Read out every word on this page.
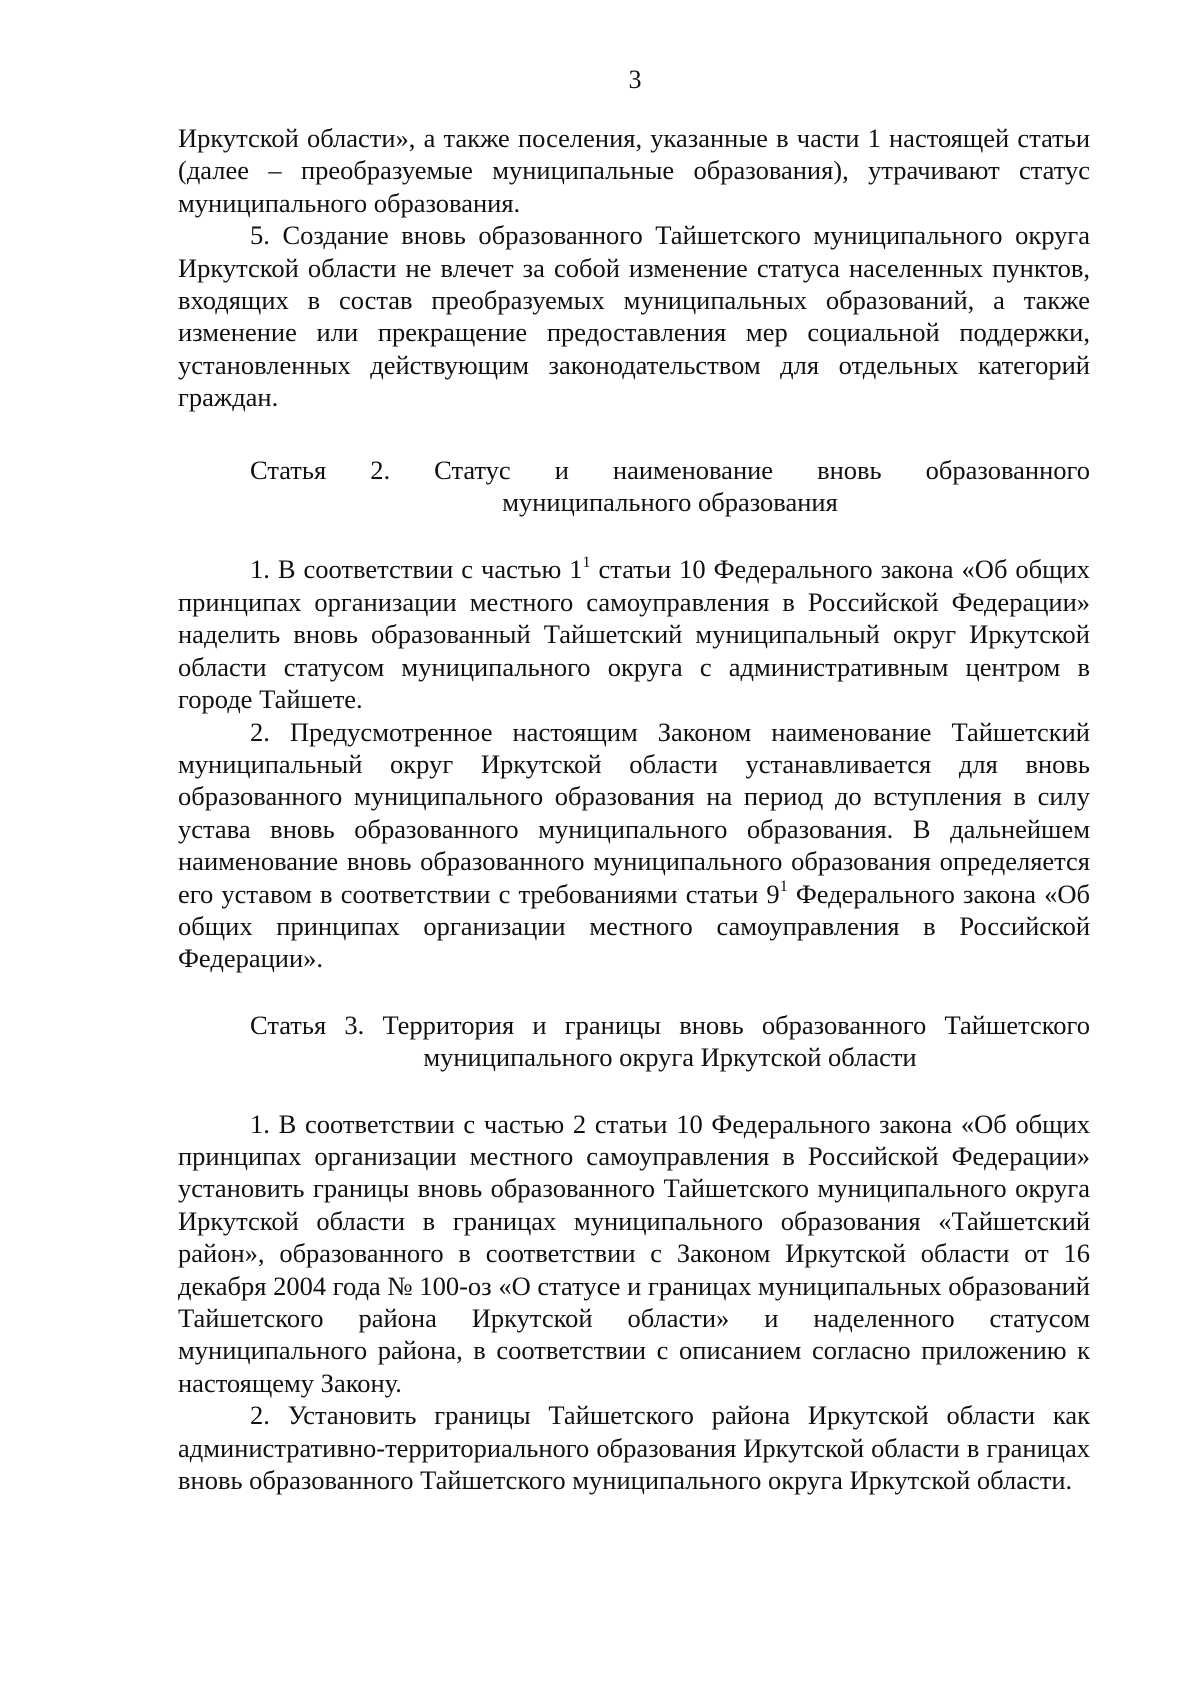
3

Иркутской области», а также поселения, указанные в части 1 настоящей статьи (далее – преобразуемые муниципальные образования), утрачивают статус муниципального образования.

5. Создание вновь образованного Тайшетского муниципального округа Иркутской области не влечет за собой изменение статуса населенных пунктов, входящих в состав преобразуемых муниципальных образований, а также изменение или прекращение предоставления мер социальной поддержки, установленных действующим законодательством для отдельных категорий граждан.

Статья 2. Статус и наименование вновь образованного
муниципального образования

1. В соответствии с частью $1^1$ статьи 10 Федерального закона «Об общих принципах организации местного самоуправления в Российской Федерации» наделить вновь образованный Тайшетский муниципальный округ Иркутской области статусом муниципального округа с административным центром в городе Тайшете.

2. Предусмотренное настоящим Законом наименование Тайшетский муниципальный округ Иркутской области устанавливается для вновь образованного муниципального образования на период до вступления в силу устава вновь образованного муниципального образования. В дальнейшем наименование вновь образованного муниципального образования определяется его уставом в соответствии с требованиями статьи $9^1$ Федерального закона «Об общих принципах организации местного самоуправления в Российской Федерации».

Статья 3. Территория и границы вновь образованного Тайшетского
муниципального округа Иркутской области

1. В соответствии с частью 2 статьи 10 Федерального закона «Об общих принципах организации местного самоуправления в Российской Федерации» установить границы вновь образованного Тайшетского муниципального округа Иркутской области в границах муниципального образования «Тайшетский район», образованного в соответствии с Законом Иркутской области от 16 декабря 2004 года № 100-оз «О статусе и границах муниципальных образований Тайшетского района Иркутской области» и наделенного статусом муниципального района, в соответствии с описанием согласно приложению к настоящему Закону.

2. Установить границы Тайшетского района Иркутской области как административно-территориального образования Иркутской области в границах вновь образованного Тайшетского муниципального округа Иркутской области.
